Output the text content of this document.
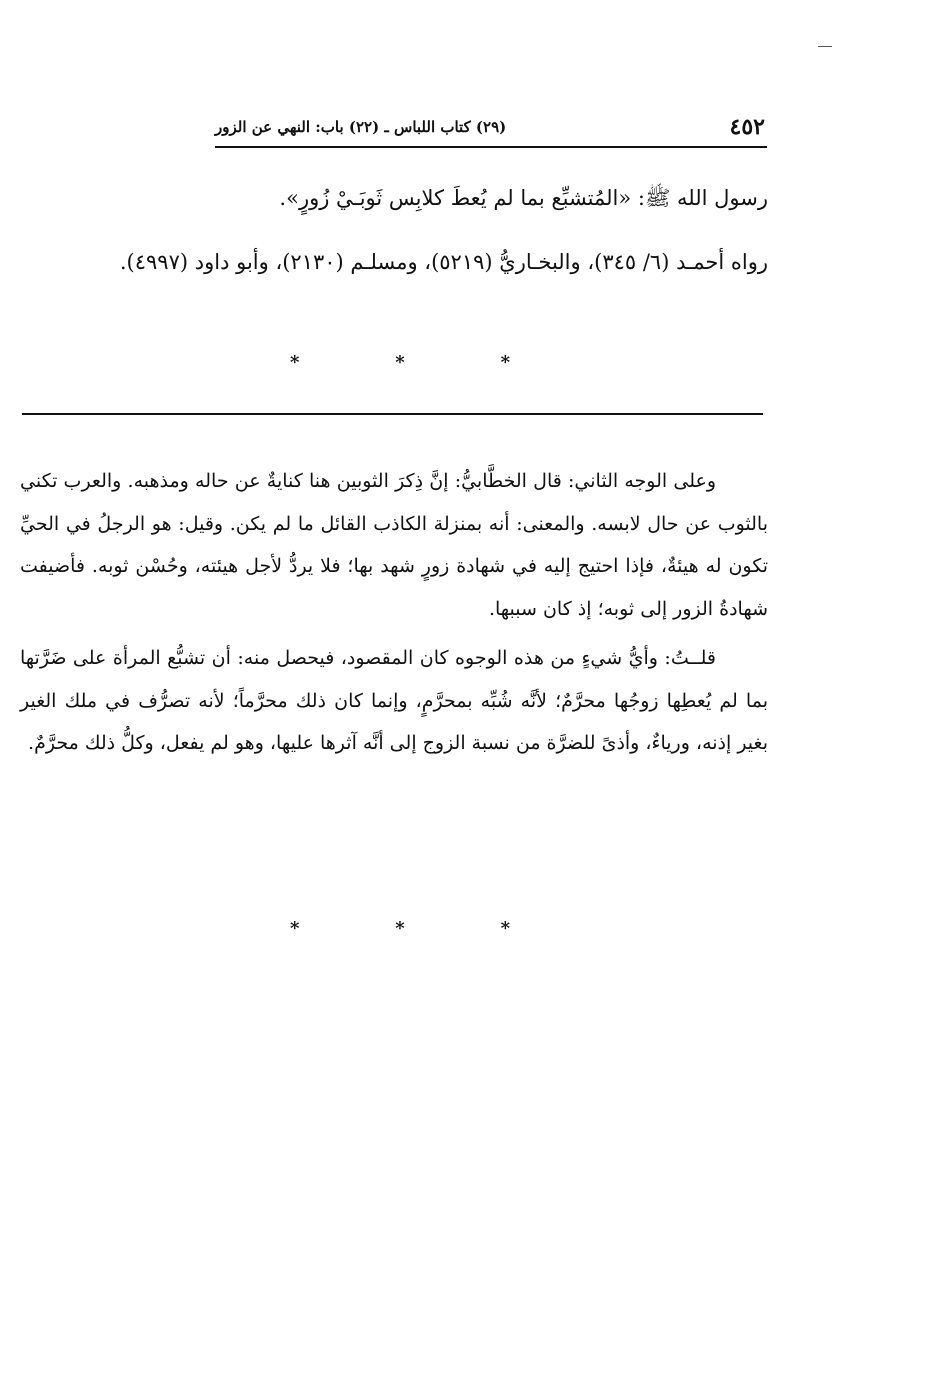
٤٥٢
(٢٩) كتاب اللباس ـ (٢٢) باب: النهي عن الزور

رسول الله ﷺ: «المُتشبِّع بما لم يُعطَ كلابِس ثَوبَـيْ زُورٍ».

رواه أحمـد (٦/ ٣٤٥)، والبخـاريُّ (٥٢١٩)، ومسلـم (٢١٣٠)، وأبو داود (٤٩٩٧).

*	*	*

وعلى الوجه الثاني: قال الخطَّابيُّ: إنَّ ذِكرَ الثوبين هنا كنايةٌ عن حاله ومذهبه. والعرب تكني بالثوب عن حال لابسه. والمعنى: أنه بمنزلة الكاذب القائل ما لم يكن. وقيل: هو الرجلُ في الحيِّ تكون له هيئةٌ، فإذا احتيج إليه في شهادة زورٍ شهد بها؛ فلا يردُّ لأجل هيئته، وحُسْن ثوبه. فأضيفت شهادةُ الزور إلى ثوبه؛ إذ كان سببها.

قلــتُ: وأيُّ شيءٍ من هذه الوجوه كان المقصود، فيحصل منه: أن تشبُّع المرأة على ضَرَّتها بما لم يُعطِها زوجُها محرَّمٌ؛ لأنَّه شُبِّه بمحرَّمٍ، وإنما كان ذلك محرَّماً؛ لأنه تصرُّف في ملك الغير بغير إذنه، ورياءٌ، وأذىً للضرَّة من نسبة الزوج إلى أنَّه آثرها عليها، وهو لم يفعل، وكلُّ ذلك محرَّمٌ.

*	*	*
